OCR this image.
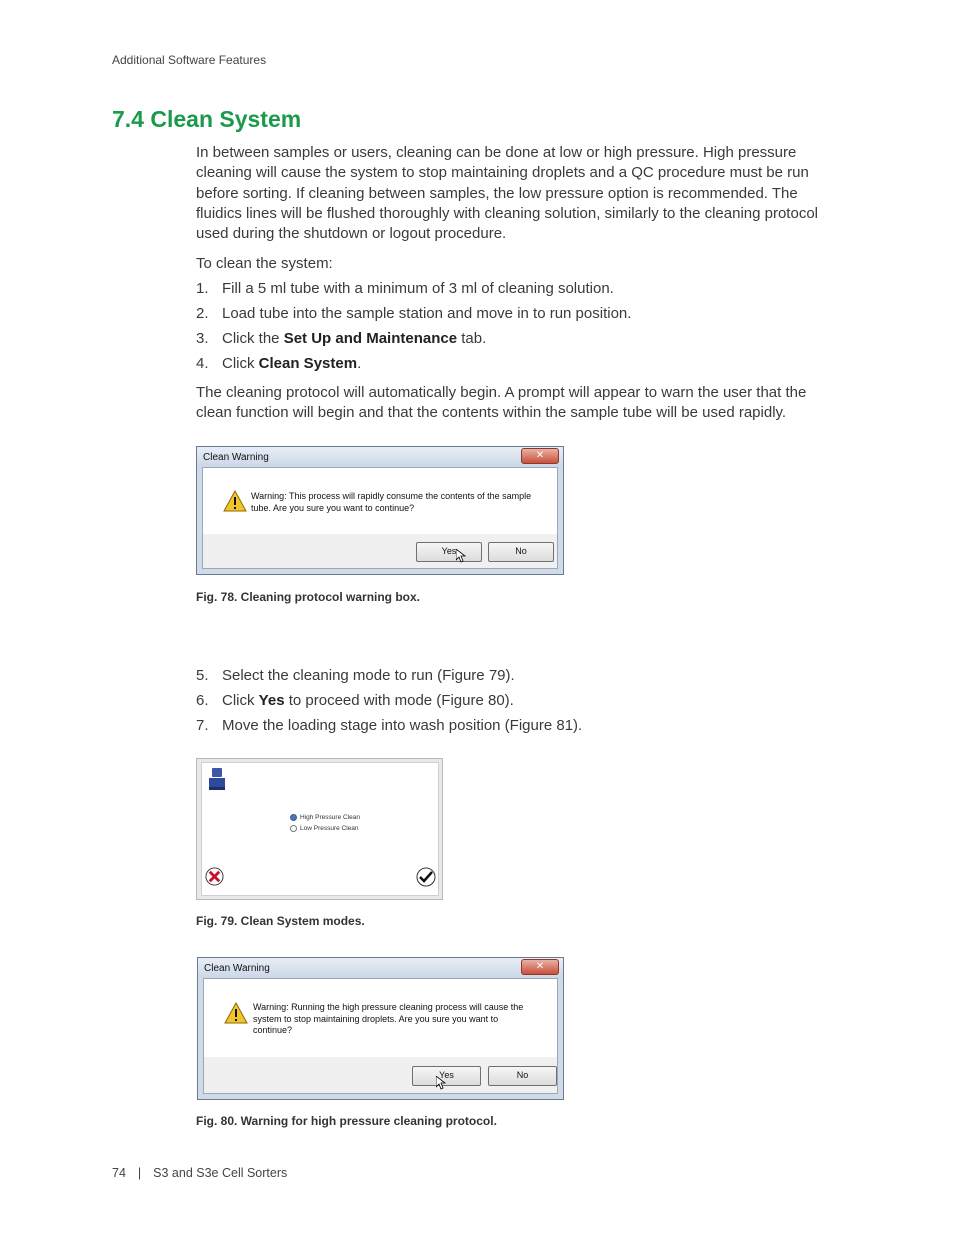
Additional Software Features
7.4 Clean System

In between samples or users, cleaning can be done at low or high pressure. High pressure cleaning will cause the system to stop maintaining droplets and a QC procedure must be run before sorting. If cleaning between samples, the low pressure option is recommended. The fluidics lines will be flushed thoroughly with cleaning solution, similarly to the cleaning protocol used during the shutdown or logout procedure.

To clean the system:

1. Fill a 5 ml tube with a minimum of 3 ml of cleaning solution.
2. Load tube into the sample station and move in to run position.
3. Click the Set Up and Maintenance tab.
4. Click Clean System.

The cleaning protocol will automatically begin. A prompt will appear to warn the user that the clean function will begin and that the contents within the sample tube will be used rapidly.

Clean Warning	✕
Warning: This process will rapidly consume the contents of the sample
tube. Are you sure you want to continue?
Yes	No
Fig. 78. Cleaning protocol warning box.
5. Select the cleaning mode to run (Figure 79).
6. Click Yes to proceed with mode (Figure 80).
7. Move the loading stage into wash position (Figure 81).
High Pressure Clean
Low Pressure Clean
Fig. 79. Clean System modes.
Clean Warning	✕
Warning: Running the high pressure cleaning process will cause the
system to stop maintaining droplets. Are you sure you want to
continue?
Yes	No
Fig. 80. Warning for high pressure cleaning protocol.
74 | S3 and S3e Cell Sorters
